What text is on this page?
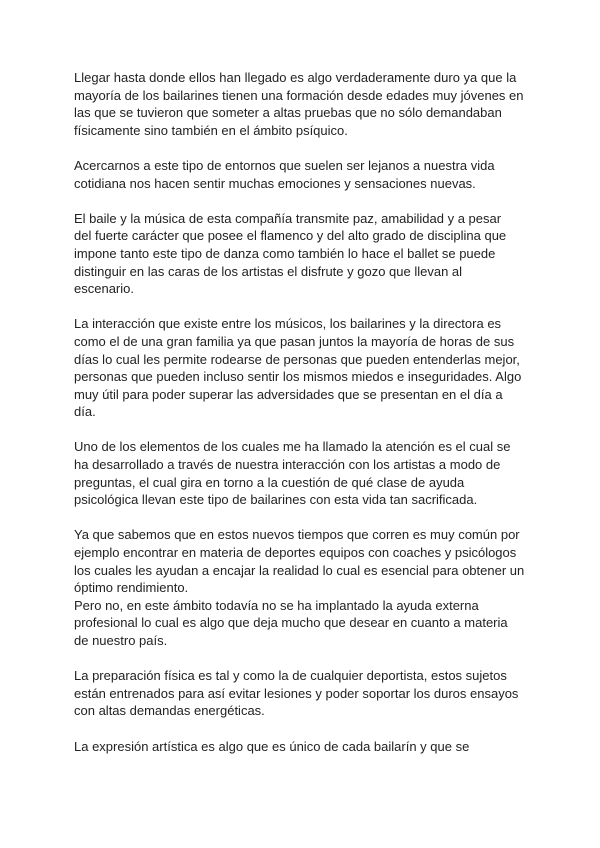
Llegar hasta donde ellos han llegado es algo verdaderamente duro ya que la
mayoría de los bailarines tienen una formación desde edades muy jóvenes en
las que se tuvieron que someter a altas pruebas que no sólo demandaban
físicamente sino también en el ámbito psíquico.

Acercarnos a este tipo de entornos que suelen ser lejanos a nuestra vida
cotidiana nos hacen sentir muchas emociones y sensaciones nuevas.

El baile y la música de esta compañía transmite paz, amabilidad y a pesar
del fuerte carácter que posee el flamenco y del alto grado de disciplina que
impone tanto este tipo de danza como también lo hace el ballet se puede
distinguir en las caras de los artistas el disfrute y gozo que llevan al
escenario.

La interacción que existe entre los músicos, los bailarines y la directora es
como el de una gran familia ya que pasan juntos la mayoría de horas de sus
días lo cual les permite rodearse de personas que pueden entenderlas mejor,
personas que pueden incluso sentir los mismos miedos e inseguridades. Algo
muy útil para poder superar las adversidades que se presentan en el día a
día.

Uno de los elementos de los cuales me ha llamado la atención es el cual se
ha desarrollado a través de nuestra interacción con los artistas a modo de
preguntas, el cual gira en torno a la cuestión de qué clase de ayuda
psicológica llevan este tipo de bailarines con esta vida tan sacrificada.

Ya que sabemos que en estos nuevos tiempos que corren es muy común por
ejemplo encontrar en materia de deportes equipos con coaches y psicólogos
los cuales les ayudan a encajar la realidad lo cual es esencial para obtener un
óptimo rendimiento.

Pero no, en este ámbito todavía no se ha implantado la ayuda externa
profesional lo cual es algo que deja mucho que desear en cuanto a materia
de nuestro país.

La preparación física es tal y como la de cualquier deportista, estos sujetos
están entrenados para así evitar lesiones y poder soportar los duros ensayos
con altas demandas energéticas.

La expresión artística es algo que es único de cada bailarín y que se
